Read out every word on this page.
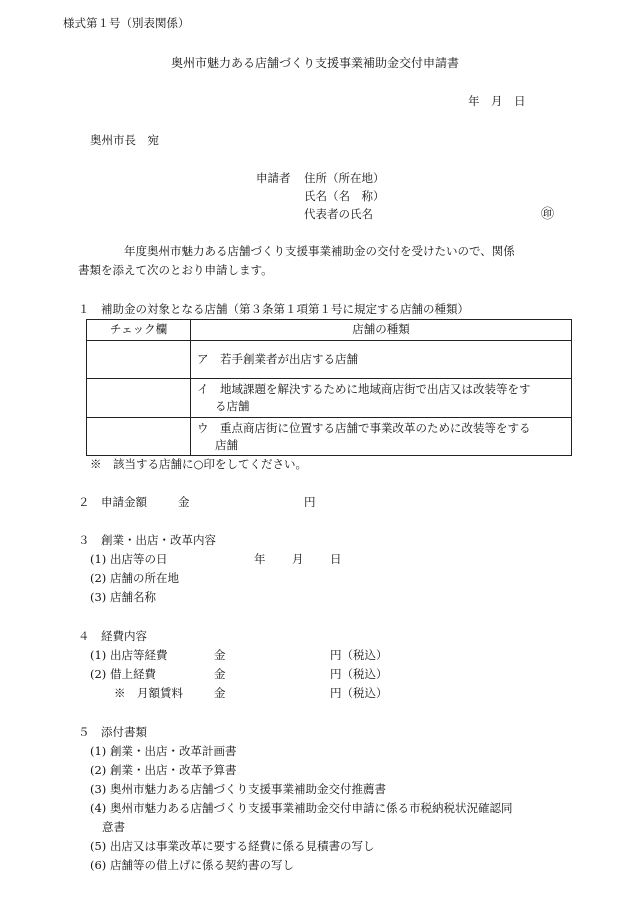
様式第１号（別表関係）
奥州市魅力ある店舗づくり支援事業補助金交付申請書
年　月　日
奥州市長　宛
申請者 住所（所在地）
氏名（名　称）
代表者の氏名	㊞
年度奥州市魅力ある店舗づくり支援事業補助金の交付を受けたいので、関係
書類を添えて次のとおり申請します。
１　補助金の対象となる店舗（第３条第１項第１号に規定する店舗の種類）
チェック欄	店舗の種類

	ア　若手創業者が出店する店舗

	イ　地域課題を解決するために地域商店街で出店又は改装等をす
る店舗

	ウ　重点商店街に位置する店舗で事業改革のために改装等をする
店舗
※　該当する店舗に○印をしてください。
２　申請金額	金	円
３　創業・出店・改革内容
(1) 出店等の日	年 月 日
(2) 店舗の所在地
(3) 店舗名称
４　経費内容
(1) 出店等経費	金	円（税込）
(2) 借上経費	金	円（税込）
※　月額賃料	金	円（税込）
５　添付書類
(1) 創業・出店・改革計画書
(2) 創業・出店・改革予算書
(3) 奥州市魅力ある店舗づくり支援事業補助金交付推薦書
(4) 奥州市魅力ある店舗づくり支援事業補助金交付申請に係る市税納税状況確認同
意書
(5) 出店又は事業改革に要する経費に係る見積書の写し
(6) 店舗等の借上げに係る契約書の写し
